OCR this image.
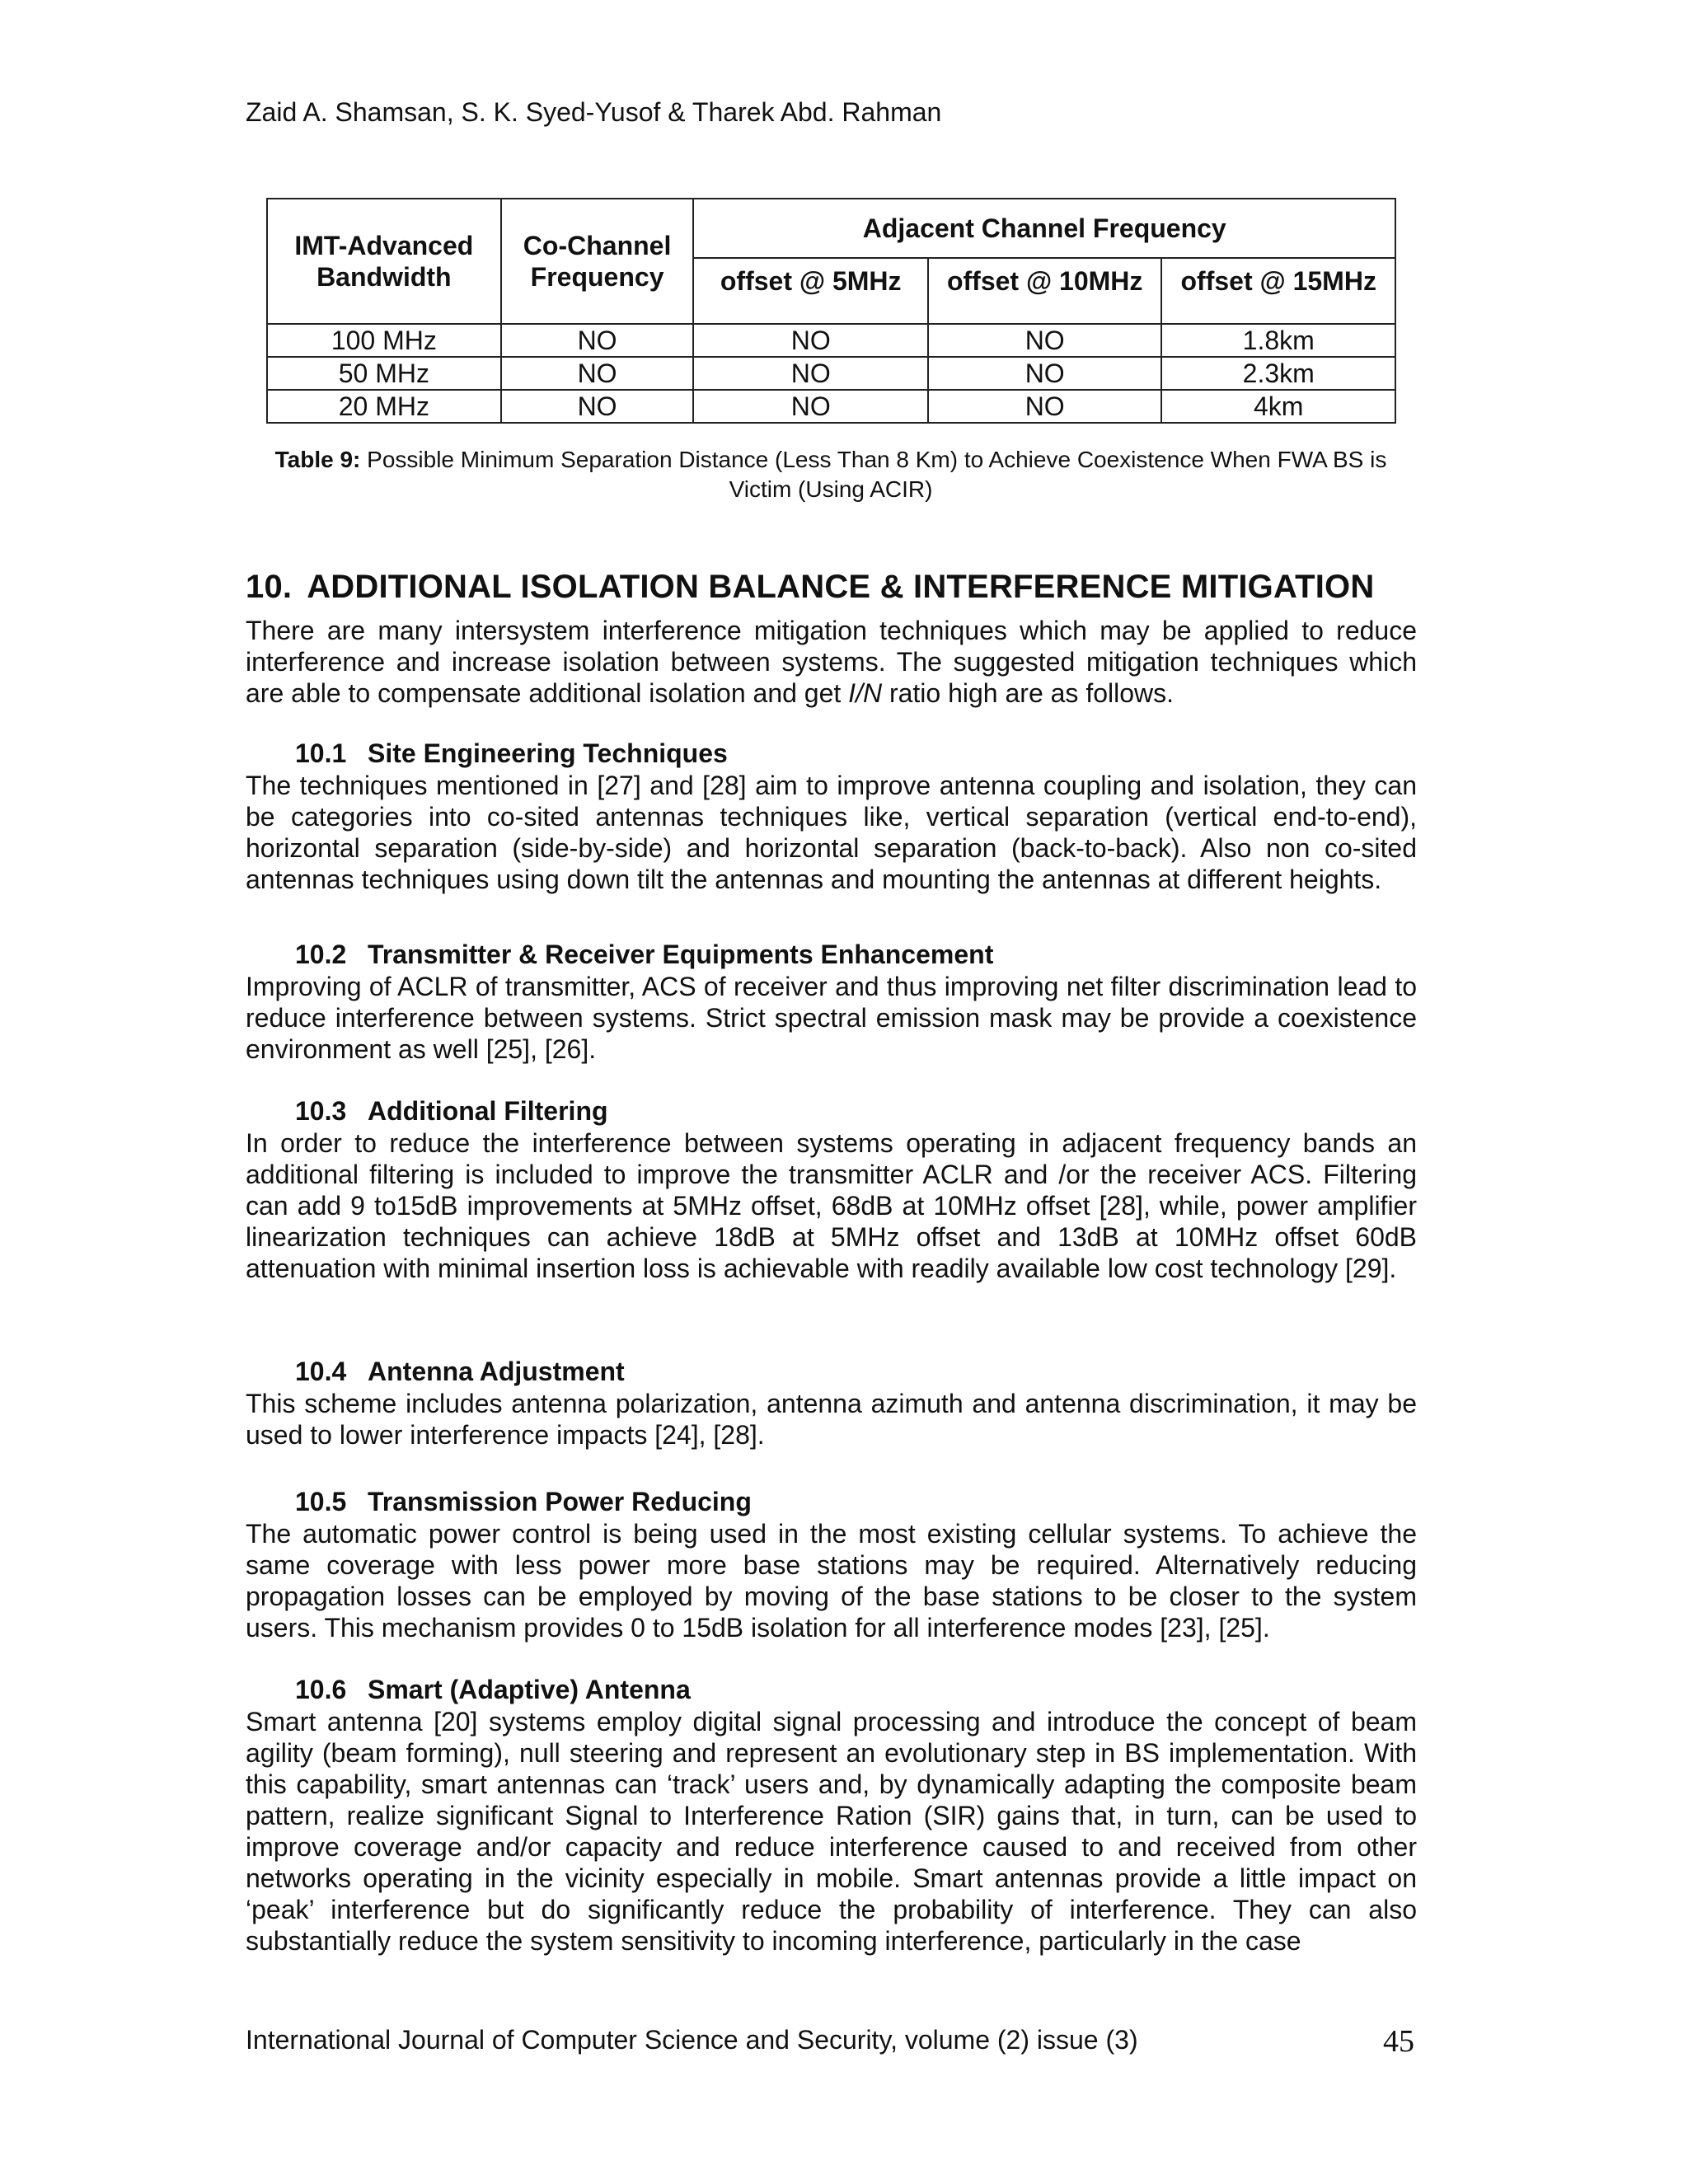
Zaid A. Shamsan, S. K. Syed-Yusof & Tharek Abd. Rahman
IMT-Advanced Bandwidth	Co-Channel Frequency	Adjacent Channel Frequency		
		offset @ 5MHz	offset @ 10MHz	offset @ 15MHz
100 MHz	NO	NO	NO	1.8km
50 MHz	NO	NO	NO	2.3km
20 MHz	NO	NO	NO	4km
Table 9: Possible Minimum Separation Distance (Less Than 8 Km) to Achieve Coexistence When FWA BS is Victim (Using ACIR)
10. ADDITIONAL ISOLATION BALANCE & INTERFERENCE MITIGATION

There are many intersystem interference mitigation techniques which may be applied to reduce interference and increase isolation between systems. The suggested mitigation techniques which are able to compensate additional isolation and get I/N ratio high are as follows.

10.1 Site Engineering Techniques

The techniques mentioned in [27] and [28] aim to improve antenna coupling and isolation, they can be categories into co-sited antennas techniques like, vertical separation (vertical end-to-end), horizontal separation (side-by-side) and horizontal separation (back-to-back). Also non co-sited antennas techniques using down tilt the antennas and mounting the antennas at different heights.

10.2 Transmitter & Receiver Equipments Enhancement

Improving of ACLR of transmitter, ACS of receiver and thus improving net filter discrimination lead to reduce interference between systems. Strict spectral emission mask may be provide a coexistence environment as well [25], [26].

10.3 Additional Filtering

In order to reduce the interference between systems operating in adjacent frequency bands an additional filtering is included to improve the transmitter ACLR and /or the receiver ACS. Filtering can add 9 to15dB improvements at 5MHz offset, 68dB at 10MHz offset [28], while, power amplifier linearization techniques can achieve 18dB at 5MHz offset and 13dB at 10MHz offset 60dB attenuation with minimal insertion loss is achievable with readily available low cost technology [29].

10.4 Antenna Adjustment

This scheme includes antenna polarization, antenna azimuth and antenna discrimination, it may be used to lower interference impacts [24], [28].

10.5 Transmission Power Reducing

The automatic power control is being used in the most existing cellular systems. To achieve the same coverage with less power more base stations may be required. Alternatively reducing propagation losses can be employed by moving of the base stations to be closer to the system users. This mechanism provides 0 to 15dB isolation for all interference modes [23], [25].

10.6 Smart (Adaptive) Antenna

Smart antenna [20] systems employ digital signal processing and introduce the concept of beam agility (beam forming), null steering and represent an evolutionary step in BS implementation. With this capability, smart antennas can ‘track’ users and, by dynamically adapting the composite beam pattern, realize significant Signal to Interference Ration (SIR) gains that, in turn, can be used to improve coverage and/or capacity and reduce interference caused to and received from other networks operating in the vicinity especially in mobile. Smart antennas provide a little impact on ‘peak’ interference but do significantly reduce the probability of interference. They can also substantially reduce the system sensitivity to incoming interference, particularly in the case

International Journal of Computer Science and Security, volume (2) issue (3)	45
